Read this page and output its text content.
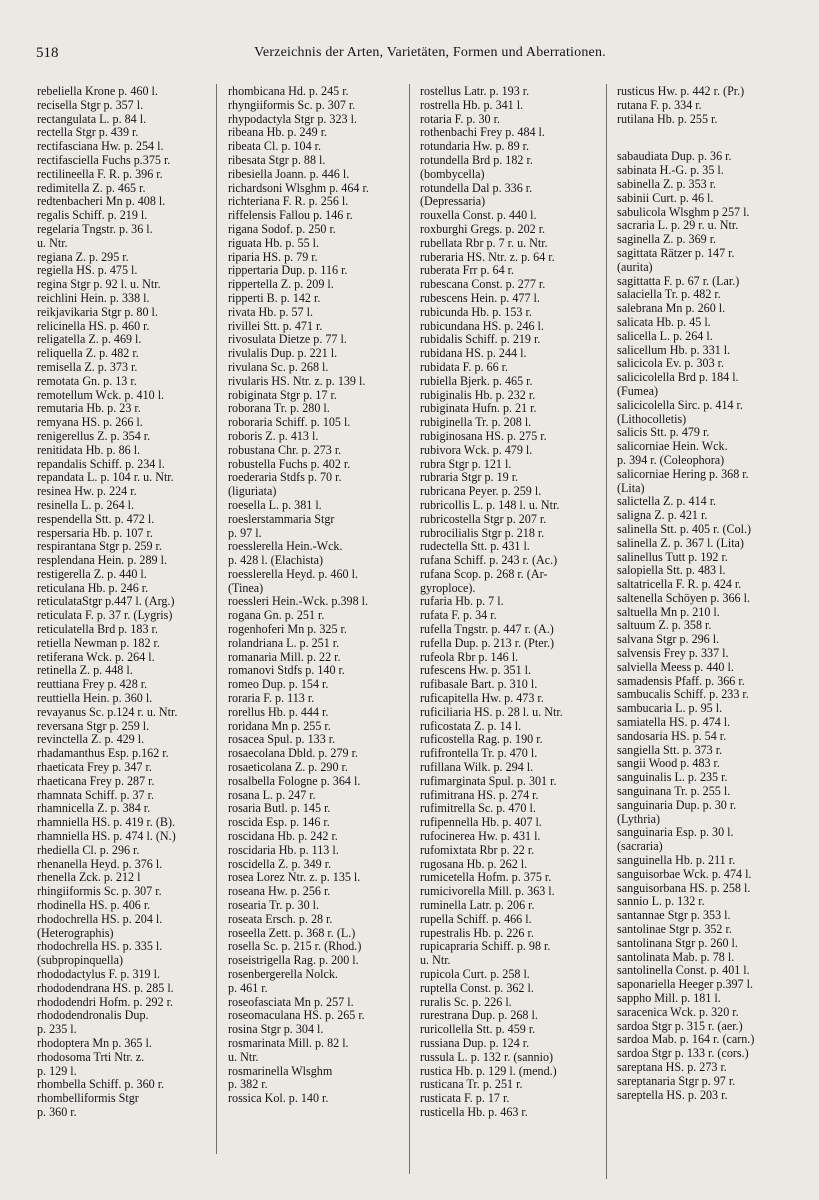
518	Verzeichnis der Arten, Varietäten, Formen und Aberrationen.
rebeliella Krone p. 460 l.
recisella Stgr p. 357 l.
rectangulata L. p. 84 l.
rectella Stgr p. 439 r.
rectifasciana Hw. p. 254 l.
rectifasciella Fuchs p.375 r.
rectilineella F. R. p. 396 r.
redimitella Z. p. 465 r.
redtenbacheri Mn p. 408 l.
regalis Schiff. p. 219 l.
regelaria Tngstr. p. 36 l.
u. Ntr.
regiana Z. p. 295 r.
regiella HS. p. 475 l.
regina Stgr p. 92 l. u. Ntr.
reichlini Hein. p. 338 l.
reikjavikaria Stgr p. 80 l.
relicinella HS. p. 460 r.
religatella Z. p. 469 l.
reliquella Z. p. 482 r.
remisella Z. p. 373 r.
remotata Gn. p. 13 r.
remotellum Wck. p. 410 l.
remutaria Hb. p. 23 r.
remyana HS. p. 266 l.
renigerellus Z. p. 354 r.
renitidata Hb. p. 86 l.
repandalis Schiff. p. 234 l.
repandata L. p. 104 r. u. Ntr.
resinea Hw. p. 224 r.
resinella L. p. 264 l.
respendella Stt. p. 472 l.
respersaria Hb. p. 107 r.
respirantana Stgr p. 259 r.
resplendana Hein. p. 289 l.
restigerella Z. p. 440 l.
reticulana Hb. p. 246 r.
reticulataStgr p.447 l. (Arg.)
reticulata F. p. 37 r. (Lygris)
reticulatella Brd p. 183 r.
retiella Newman p. 182 r.
retiferana Wck. p. 264 l.
retinella Z. p. 448 l.
reuttiana Frey p. 428 r.
reuttiella Hein. p. 360 l.
revayanus Sc. p.124 r. u. Ntr.
reversana Stgr p. 259 l.
revinctella Z. p. 429 l.
rhadamanthus Esp. p.162 r.
rhaeticata Frey p. 347 r.
rhaeticana Frey p. 287 r.
rhamnata Schiff. p. 37 r.
rhamnicella Z. p. 384 r.
rhamniella HS. p. 419 r. (B).
rhamniella HS. p. 474 l. (N.)
rhediella Cl. p. 296 r.
rhenanella Heyd. p. 376 l.
rhenella Zck. p. 212 l
rhingiiformis Sc. p. 307 r.
rhodinella HS. p. 406 r.
rhodochrella HS. p. 204 l.
(Heterographis)
rhodochrella HS. p. 335 l.
(subpropinquella)
rhododactylus F. p. 319 l.
rhododendrana HS. p. 285 l.
rhododendri Hofm. p. 292 r.
rhododendronalis Dup.
p. 235 l.
rhodoptera Mn p. 365 l.
rhodosoma Trti Ntr. z.
p. 129 l.
rhombella Schiff. p. 360 r.
rhombelliformis Stgr
p. 360 r.
rhombicana Hd. p. 245 r.
rhyngiiformis Sc. p. 307 r.
rhypodactyla Stgr p. 323 l.
ribeana Hb. p. 249 r.
ribeata Cl. p. 104 r.
ribesata Stgr p. 88 l.
ribesiella Joann. p. 446 l.
richardsoni Wlsghm p. 464 r.
richteriana F. R. p. 256 l.
riffelensis Fallou p. 146 r.
rigana Sodof. p. 250 r.
riguata Hb. p. 55 l.
riparia HS. p. 79 r.
rippertaria Dup. p. 116 r.
rippertella Z. p. 209 l.
ripperti B. p. 142 r.
rivata Hb. p. 57 l.
rivillei Stt. p. 471 r.
rivosulata Dietze p. 77 l.
rivulalis Dup. p. 221 l.
rivulana Sc. p. 268 l.
rivularis HS. Ntr. z. p. 139 l.
robiginata Stgr p. 17 r.
roborana Tr. p. 280 l.
roboraria Schiff. p. 105 l.
roboris Z. p. 413 l.
robustana Chr. p. 273 r.
robustella Fuchs p. 402 r.
roederaria Stdfs p. 70 r.
(liguriata)
roesella L. p. 381 l.
roeslerstammaria Stgr
p. 97 l.
roesslerella Hein.-Wck.
p. 428 l. (Elachista)
roesslerella Heyd. p. 460 l.
(Tinea)
roessleri Hein.-Wck. p.398 l.
rogana Gn. p. 251 r.
rogenhoferi Mn p. 325 r.
rolandriana L. p. 251 r.
romanaria Mill. p. 22 r.
romanovi Stdfs p. 140 r.
romeo Dup. p. 154 r.
roraria F. p. 113 r.
rorellus Hb. p. 444 r.
roridana Mn p. 255 r.
rosacea Spul. p. 133 r.
rosaecolana Dbld. p. 279 r.
rosaeticolana Z. p. 290 r.
rosalbella Fologne p. 364 l.
rosana L. p. 247 r.
rosaria Butl. p. 145 r.
roscida Esp. p. 146 r.
roscidana Hb. p. 242 r.
roscidaria Hb. p. 113 l.
roscidella Z. p. 349 r.
rosea Lorez Ntr. z. p. 135 l.
roseana Hw. p. 256 r.
rosearia Tr. p. 30 l.
roseata Ersch. p. 28 r.
roseella Zett. p. 368 r. (L.)
rosella Sc. p. 215 r. (Rhod.)
roseistrigella Rag. p. 200 l.
rosenbergerella Nolck.
p. 461 r.
roseofasciata Mn p. 257 l.
roseomaculana HS. p. 265 r.
rosina Stgr p. 304 l.
rosmarinata Mill. p. 82 l.
u. Ntr.
rosmarinella Wlsghm
p. 382 r.
rossica Kol. p. 140 r.
rostellus Latr. p. 193 r.
rostrella Hb. p. 341 l.
rotaria F. p. 30 r.
rothenbachi Frey p. 484 l.
rotundaria Hw. p. 89 r.
rotundella Brd p. 182 r.
(bombycella)
rotundella Dal p. 336 r.
(Depressaria)
rouxella Const. p. 440 l.
roxburghi Gregs. p. 202 r.
rubellata Rbr p. 7 r. u. Ntr.
ruberaria HS. Ntr. z. p. 64 r.
ruberata Frr p. 64 r.
rubescana Const. p. 277 r.
rubescens Hein. p. 477 l.
rubicunda Hb. p. 153 r.
rubicundana HS. p. 246 l.
rubidalis Schiff. p. 219 r.
rubidana HS. p. 244 l.
rubidata F. p. 66 r.
rubiella Bjerk. p. 465 r.
rubiginalis Hb. p. 232 r.
rubiginata Hufn. p. 21 r.
rubiginella Tr. p. 208 l.
rubiginosana HS. p. 275 r.
rubivora Wck. p. 479 l.
rubra Stgr p. 121 l.
rubraria Stgr p. 19 r.
rubricana Peyer. p. 259 l.
rubricollis L. p. 148 l. u. Ntr.
rubricostella Stgr p. 207 r.
rubrocilialis Stgr p. 218 r.
rudectella Stt. p. 431 l.
rufana Schiff. p. 243 r. (Ac.)
rufana Scop. p. 268 r. (Ar-
gyroploce).
rufaria Hb. p. 7 l.
rufata F. p. 34 r.
rufella Tngstr. p. 447 r. (A.)
rufella Dup. p. 213 r. (Pter.)
rufeola Rbr p. 146 l.
rufescens Hw. p. 351 l.
rufibasale Bart. p. 310 l.
ruficapitella Hw. p. 473 r.
ruficiliaria HS. p. 28 l. u. Ntr.
ruficostata Z. p. 14 l.
ruficostella Rag. p. 190 r.
rufifrontella Tr. p. 470 l.
rufillana Wilk. p. 294 l.
rufimarginata Spul. p. 301 r.
rufimitrana HS. p. 274 r.
rufimitrella Sc. p. 470 l.
rufipennella Hb. p. 407 l.
rufocinerea Hw. p. 431 l.
rufomixtata Rbr p. 22 r.
rugosana Hb. p. 262 l.
rumicetella Hofm. p. 375 r.
rumicivorella Mill. p. 363 l.
ruminella Latr. p. 206 r.
rupella Schiff. p. 466 l.
rupestralis Hb. p. 226 r.
rupicapraria Schiff. p. 98 r.
u. Ntr.
rupicola Curt. p. 258 l.
ruptella Const. p. 362 l.
ruralis Sc. p. 226 l.
rurestrana Dup. p. 268 l.
ruricollella Stt. p. 459 r.
russiana Dup. p. 124 r.
russula L. p. 132 r. (sannio)
rustica Hb. p. 129 l. (mend.)
rusticana Tr. p. 251 r.
rusticata F. p. 17 r.
rusticella Hb. p. 463 r.
rusticus Hw. p. 442 r. (Pr.)
rutana F. p. 334 r.
rutilana Hb. p. 255 r.
sabaudiata Dup. p. 36 r.
sabinata H.-G. p. 35 l.
sabinella Z. p. 353 r.
sabinii Curt. p. 46 l.
sabulicola Wlsghm p 257 l.
sacraria L. p. 29 r. u. Ntr.
saginella Z. p. 369 r.
sagittata Rätzer p. 147 r.
(aurita)
sagittatta F. p. 67 r. (Lar.)
salaciella Tr. p. 482 r.
salebrana Mn p. 260 l.
salicata Hb. p. 45 l.
salicella L. p. 264 l.
salicellum Hb. p. 331 l.
salicicola Ev. p. 303 r.
salicicolella Brd p. 184 l.
(Fumea)
salicicolella Sirc. p. 414 r.
(Lithocolletis)
salicis Stt. p. 479 r.
salicorniae Hein. Wck.
p. 394 r. (Coleophora)
salicorniae Hering p. 368 r.
(Lita)
salictella Z. p. 414 r.
saligna Z. p. 421 r.
salinella Stt. p. 405 r. (Col.)
salinella Z. p. 367 l. (Lita)
salinellus Tutt p. 192 r.
salopiella Stt. p. 483 l.
saltatricella F. R. p. 424 r.
saltenella Schöyen p. 366 l.
saltuella Mn p. 210 l.
saltuum Z. p. 358 r.
salvana Stgr p. 296 l.
salvensis Frey p. 337 l.
salviella Meess p. 440 l.
samadensis Pfaff. p. 366 r.
sambucalis Schiff. p. 233 r.
sambucaria L. p. 95 l.
samiatella HS. p. 474 l.
sandosaria HS. p. 54 r.
sangiella Stt. p. 373 r.
sangii Wood p. 483 r.
sanguinalis L. p. 235 r.
sanguinana Tr. p. 255 l.
sanguinaria Dup. p. 30 r.
(Lythria)
sanguinaria Esp. p. 30 l.
(sacraria)
sanguinella Hb. p. 211 r.
sanguisorbae Wck. p. 474 l.
sanguisorbana HS. p. 258 l.
sannio L. p. 132 r.
santannae Stgr p. 353 l.
santolinae Stgr p. 352 r.
santolinana Stgr p. 260 l.
santolinata Mab. p. 78 l.
santolinella Const. p. 401 l.
saponariella Heeger p.397 l.
sappho Mill. p. 181 l.
saracenica Wck. p. 320 r.
sardoa Stgr p. 315 r. (aer.)
sardoa Mab. p. 164 r. (carn.)
sardoa Stgr p. 133 r. (cors.)
sareptana HS. p. 273 r.
sareptanaria Stgr p. 97 r.
sareptella HS. p. 203 r.
